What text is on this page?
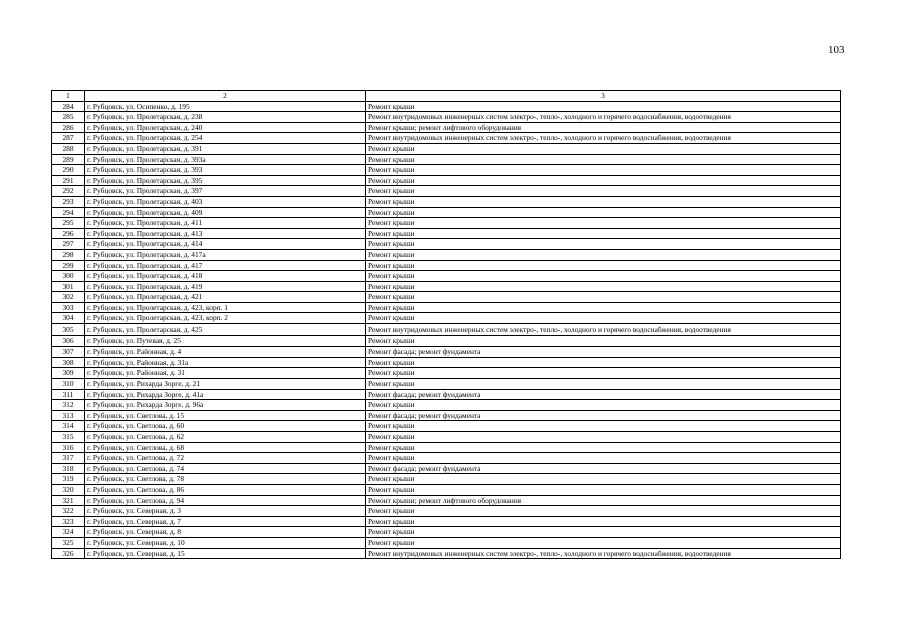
103
1	2	3
284	г. Рубцовск, ул. Осипенко, д. 195	Ремонт крыши
285	г. Рубцовск, ул. Пролетарская, д. 238	Ремонт внутридомовых инженерных систем электро-, тепло-, холодного и горячего водоснабжения, водоотведения
286	г. Рубцовск, ул. Пролетарская, д. 240	Ремонт крыши; ремонт лифтового оборудования
287	г. Рубцовск, ул. Пролетарская, д. 254	Ремонт внутридомовых инженерных систем электро-, тепло-, холодного и горячего водоснабжения, водоотведения
288	г. Рубцовск, ул. Пролетарская, д. 391	Ремонт крыши
289	г. Рубцовск, ул. Пролетарская, д. 393а	Ремонт крыши
290	г. Рубцовск, ул. Пролетарская, д. 393	Ремонт крыши
291	г. Рубцовск, ул. Пролетарская, д. 395	Ремонт крыши
292	г. Рубцовск, ул. Пролетарская, д. 397	Ремонт крыши
293	г. Рубцовск, ул. Пролетарская, д. 403	Ремонт крыши
294	г. Рубцовск, ул. Пролетарская, д. 409	Ремонт крыши
295	г. Рубцовск, ул. Пролетарская, д. 411	Ремонт крыши
296	г. Рубцовск, ул. Пролетарская, д. 413	Ремонт крыши
297	г. Рубцовск, ул. Пролетарская, д. 414	Ремонт крыши
298	г. Рубцовск, ул. Пролетарская, д. 417а	Ремонт крыши
299	г. Рубцовск, ул. Пролетарская, д. 417	Ремонт крыши
300	г. Рубцовск, ул. Пролетарская, д. 418	Ремонт крыши
301	г. Рубцовск, ул. Пролетарская, д. 419	Ремонт крыши
302	г. Рубцовск, ул. Пролетарская, д. 421	Ремонт крыши
303	г. Рубцовск, ул. Пролетарская, д. 423, корп. 1	Ремонт крыши
304	г. Рубцовск, ул. Пролетарская, д. 423, корп. 2	Ремонт крыши
305	г. Рубцовск, ул. Пролетарская, д. 425	Ремонт внутридомовых инженерных систем электро-, тепло-, холодного и горячего водоснабжения, водоотведения
306	г. Рубцовск, ул. Путевая, д. 25	Ремонт крыши
307	г. Рубцовск, ул. Районная, д. 4	Ремонт фасада; ремонт фундамента
308	г. Рубцовск, ул. Районная, д. 31а	Ремонт крыши
309	г. Рубцовск, ул. Районная, д. 31	Ремонт крыши
310	г. Рубцовск, ул. Рихарда Зорге, д. 21	Ремонт крыши
311	г. Рубцовск, ул. Рихарда Зорге, д. 41а	Ремонт фасада; ремонт фундамента
312	г. Рубцовск, ул. Рихарда Зорге, д. 96а	Ремонт крыши
313	г. Рубцовск, ул. Светлова, д. 15	Ремонт фасада; ремонт фундамента
314	г. Рубцовск, ул. Светлова, д. 60	Ремонт крыши
315	г. Рубцовск, ул. Светлова, д. 62	Ремонт крыши
316	г. Рубцовск, ул. Светлова, д. 68	Ремонт крыши
317	г. Рубцовск, ул. Светлова, д. 72	Ремонт крыши
318	г. Рубцовск, ул. Светлова, д. 74	Ремонт фасада; ремонт фундамента
319	г. Рубцовск, ул. Светлова, д. 78	Ремонт крыши
320	г. Рубцовск, ул. Светлова, д. 86	Ремонт крыши
321	г. Рубцовск, ул. Светлова, д. 94	Ремонт крыши; ремонт лифтового оборудования
322	г. Рубцовск, ул. Северная, д. 3	Ремонт крыши
323	г. Рубцовск, ул. Северная, д. 7	Ремонт крыши
324	г. Рубцовск, ул. Северная, д. 8	Ремонт крыши
325	г. Рубцовск, ул. Северная, д. 10	Ремонт крыши
326	г. Рубцовск, ул. Северная, д. 15	Ремонт внутридомовых инженерных систем электро-, тепло-, холодного и горячего водоснабжения, водоотведения
